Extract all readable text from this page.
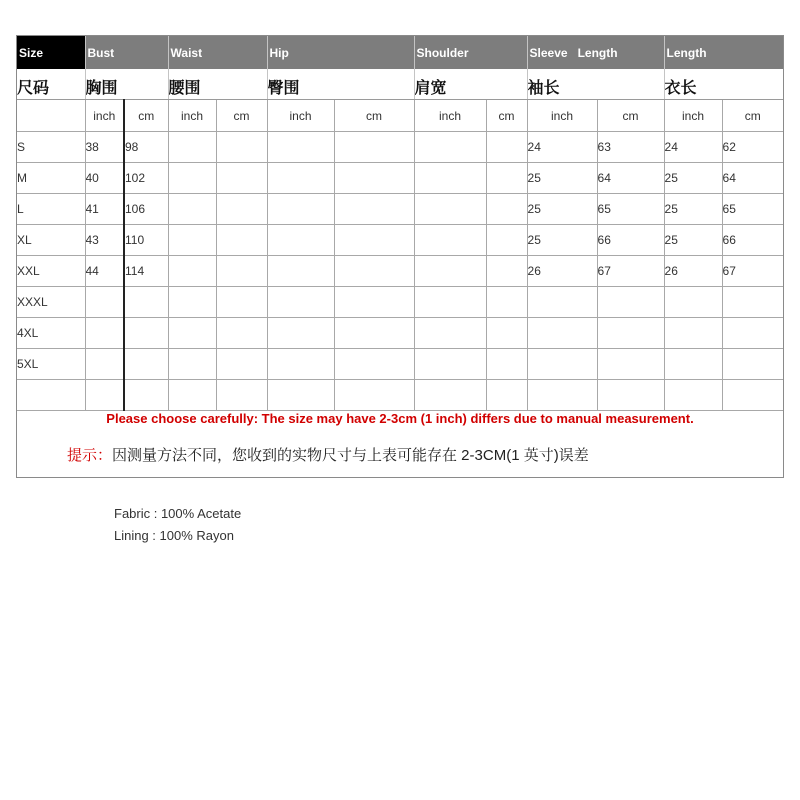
Size	Bust		Waist		Hip		Shoulder		Sleeve   Length		Length	
尺码	胸围		腰围		臀围		肩宽		袖长		衣长	
	inch	cm	inch	cm	inch	cm	inch	cm	inch	cm	inch	cm
S	38	98							24	63	24	62
M	40	102							25	64	25	64
L	41	106							25	65	25	65
XL	43	110							25	66	25	66
XXL	44	114							26	67	26	67
XXXL												
4XL												
5XL												

Please choose carefully: The size may have 2-3cm (1 inch) differs due to manual measurement.
提示：因测量方法不同，您收到的实物尺寸与上表可能存在 2-3CM(1 英寸)误差
Fabric : 100% Acetate
Lining : 100% Rayon
